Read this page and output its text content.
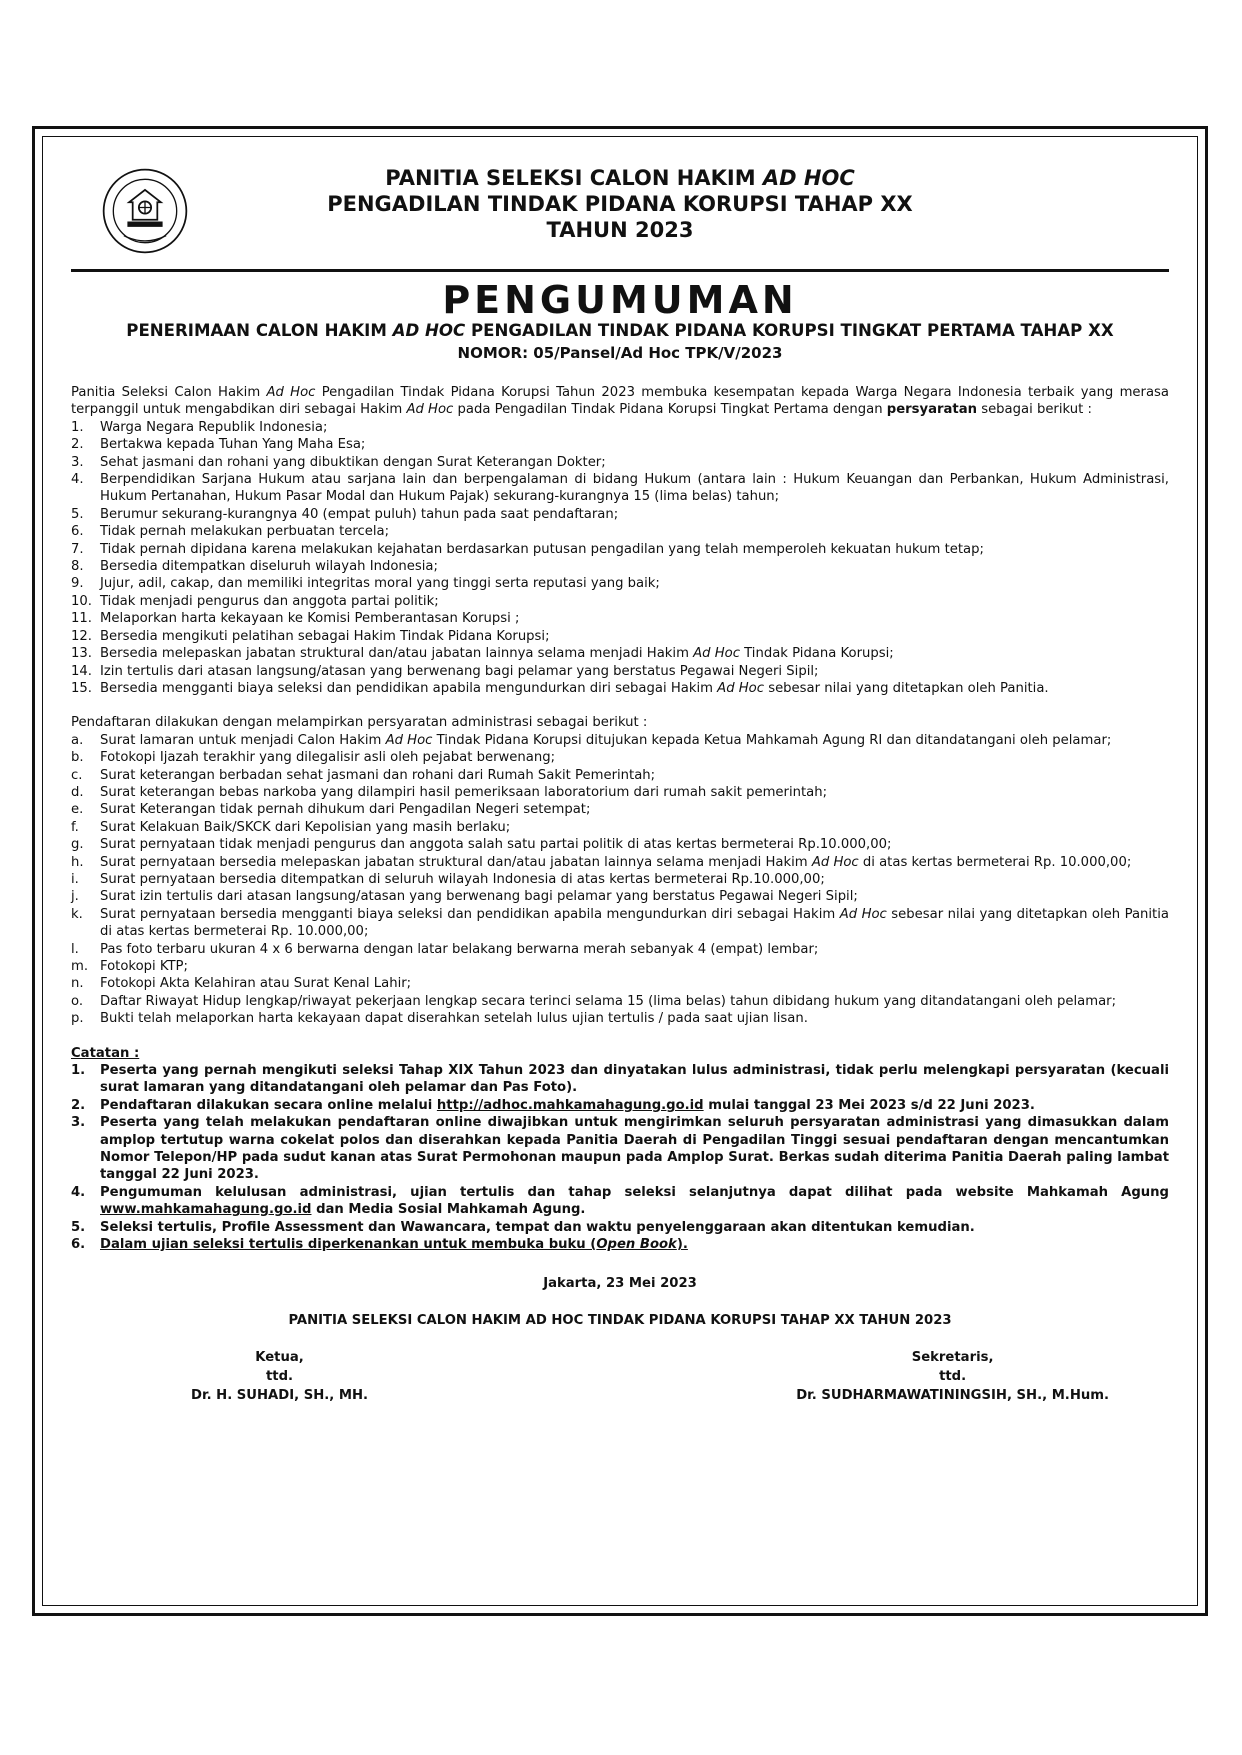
PANITIA SELEKSI CALON HAKIM AD HOC
PENGADILAN TINDAK PIDANA KORUPSI TAHAP XX
TAHUN 2023
PENGUMUMAN
PENERIMAAN CALON HAKIM AD HOC PENGADILAN TINDAK PIDANA KORUPSI TINGKAT PERTAMA TAHAP XX
NOMOR: 05/Pansel/Ad Hoc TPK/V/2023
Panitia Seleksi Calon Hakim Ad Hoc Pengadilan Tindak Pidana Korupsi Tahun 2023 membuka kesempatan kepada Warga Negara Indonesia terbaik yang merasa terpanggil untuk mengabdikan diri sebagai Hakim Ad Hoc pada Pengadilan Tindak Pidana Korupsi Tingkat Pertama dengan persyaratan sebagai berikut :
1.	Warga Negara Republik Indonesia;
2.	Bertakwa kepada Tuhan Yang Maha Esa;
3.	Sehat jasmani dan rohani yang dibuktikan dengan Surat Keterangan Dokter;
4.	Berpendidikan Sarjana Hukum atau sarjana lain dan berpengalaman di bidang Hukum (antara lain : Hukum Keuangan dan Perbankan, Hukum Administrasi, Hukum Pertanahan, Hukum Pasar Modal dan Hukum Pajak) sekurang-kurangnya 15 (lima belas) tahun;
5.	Berumur sekurang-kurangnya 40 (empat puluh) tahun pada saat pendaftaran;
6.	Tidak pernah melakukan perbuatan tercela;
7.	Tidak pernah dipidana karena melakukan kejahatan berdasarkan putusan pengadilan yang telah memperoleh kekuatan hukum tetap;
8.	Bersedia ditempatkan diseluruh wilayah Indonesia;
9.	Jujur, adil, cakap, dan memiliki integritas moral yang tinggi serta reputasi yang baik;
10. Tidak menjadi pengurus dan anggota partai politik;
11. Melaporkan harta kekayaan ke Komisi Pemberantasan Korupsi ;
12. Bersedia mengikuti pelatihan sebagai Hakim Tindak Pidana Korupsi;
13. Bersedia melepaskan jabatan struktural dan/atau jabatan lainnya selama menjadi Hakim Ad Hoc Tindak Pidana Korupsi;
14. Izin tertulis dari atasan langsung/atasan yang berwenang bagi pelamar yang berstatus Pegawai Negeri Sipil;
15. Bersedia mengganti biaya seleksi dan pendidikan apabila mengundurkan diri sebagai Hakim Ad Hoc sebesar nilai yang ditetapkan oleh Panitia.
Pendaftaran dilakukan dengan melampirkan persyaratan administrasi sebagai berikut :
a.	Surat lamaran untuk menjadi Calon Hakim Ad Hoc Tindak Pidana Korupsi ditujukan kepada Ketua Mahkamah Agung RI dan ditandatangani oleh pelamar;
b.	Fotokopi Ijazah terakhir yang dilegalisir asli oleh pejabat berwenang;
c.	Surat keterangan berbadan sehat jasmani dan rohani dari Rumah Sakit Pemerintah;
d.	Surat keterangan bebas narkoba yang dilampiri hasil pemeriksaan laboratorium dari rumah sakit pemerintah;
e.	Surat Keterangan tidak pernah dihukum dari Pengadilan Negeri setempat;
f.	Surat Kelakuan Baik/SKCK dari Kepolisian yang masih berlaku;
g.	Surat pernyataan tidak menjadi pengurus dan anggota salah satu partai politik di atas kertas bermeterai Rp.10.000,00;
h.	Surat pernyataan bersedia melepaskan jabatan struktural dan/atau jabatan lainnya selama menjadi Hakim Ad Hoc di atas kertas bermeterai Rp. 10.000,00;
i.	Surat pernyataan bersedia ditempatkan di seluruh wilayah Indonesia di atas kertas bermeterai Rp.10.000,00;
j.	Surat izin tertulis dari atasan langsung/atasan yang berwenang bagi pelamar yang berstatus Pegawai Negeri Sipil;
k.	Surat pernyataan bersedia mengganti biaya seleksi dan pendidikan apabila mengundurkan diri sebagai Hakim Ad Hoc sebesar nilai yang ditetapkan oleh Panitia di atas kertas bermeterai Rp. 10.000,00;
l.	Pas foto terbaru ukuran 4 x 6 berwarna dengan latar belakang berwarna merah sebanyak 4 (empat) lembar;
m. Fotokopi KTP;
n.	Fotokopi Akta Kelahiran atau Surat Kenal Lahir;
o.	Daftar Riwayat Hidup lengkap/riwayat pekerjaan lengkap secara terinci selama 15 (lima belas) tahun dibidang hukum yang ditandatangani oleh pelamar;
p.	Bukti telah melaporkan harta kekayaan dapat diserahkan setelah lulus ujian tertulis / pada saat ujian lisan.
Catatan :
1.	Peserta yang pernah mengikuti seleksi Tahap XIX Tahun 2023 dan dinyatakan lulus administrasi, tidak perlu melengkapi persyaratan (kecuali surat lamaran yang ditandatangani oleh pelamar dan Pas Foto).
2.	Pendaftaran dilakukan secara online melalui http://adhoc.mahkamahagung.go.id mulai tanggal 23 Mei 2023 s/d 22 Juni 2023.
3.	Peserta yang telah melakukan pendaftaran online diwajibkan untuk mengirimkan seluruh persyaratan administrasi yang dimasukkan dalam amplop tertutup warna cokelat polos dan diserahkan kepada Panitia Daerah di Pengadilan Tinggi sesuai pendaftaran dengan mencantumkan Nomor Telepon/HP pada sudut kanan atas Surat Permohonan maupun pada Amplop Surat. Berkas sudah diterima Panitia Daerah paling lambat tanggal 22 Juni 2023.
4.	Pengumuman kelulusan administrasi, ujian tertulis dan tahap seleksi selanjutnya dapat dilihat pada website Mahkamah Agung www.mahkamahagung.go.id dan Media Sosial Mahkamah Agung.
5.	Seleksi tertulis, Profile Assessment dan Wawancara, tempat dan waktu penyelenggaraan akan ditentukan kemudian.
6.	Dalam ujian seleksi tertulis diperkenankan untuk membuka buku (Open Book).
Jakarta, 23 Mei 2023
PANITIA SELEKSI CALON HAKIM AD HOC TINDAK PIDANA KORUPSI TAHAP XX TAHUN 2023
Ketua,
ttd.
Dr. H. SUHADI, SH., MH.
Sekretaris,
ttd.
Dr. SUDHARMAWATININGSIH, SH., M.Hum.
